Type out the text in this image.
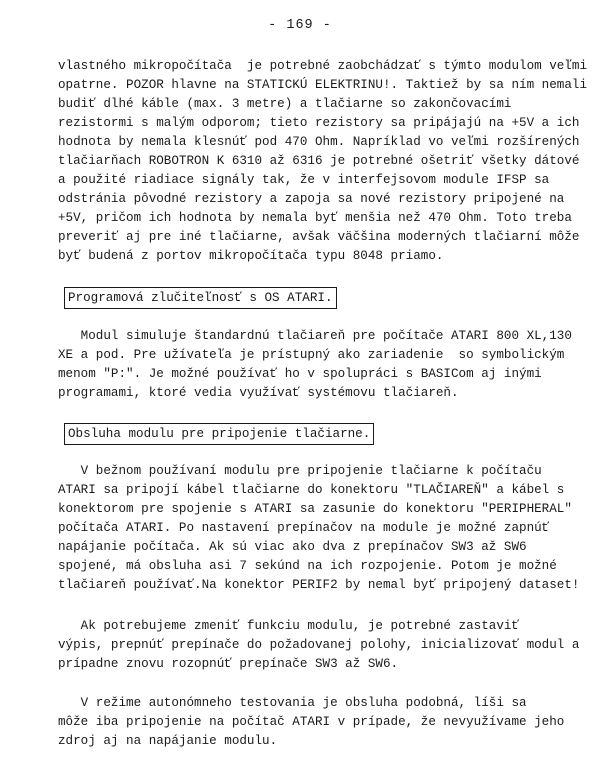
- 169 -
vlastného mikropočítača  je potrebné zaobchádzať s týmto modulom veľmi
opatrne. POZOR hlavne na STATICKÚ ELEKTRINU!. Taktiež by sa ním nemali
budiť dlhé káble (max. 3 metre) a tlačiarne so zakončovacími
rezistormi s malým odporom; tieto rezistory sa pripájajú na +5V a ich
hodnota by nemala klesnúť pod 470 Ohm. Napríklad vo veľmi rozšírených
tlačiarňach ROBOTRON K 6310 až 6316 je potrebné ošetriť všetky dátové
a použité riadiace signály tak, že v interfejsovom module IFSP sa
odstránia pôvodné rezistory a zapoja sa nové rezistory pripojené na
+5V, pričom ich hodnota by nemala byť menšia než 470 Ohm. Toto treba
preveriť aj pre iné tlačiarne, avšak väčšina moderných tlačiarní môže
byť budená z portov mikropočítača typu 8048 priamo.
Programová zlučiteľnosť s OS ATARI.
Modul simuluje štandardnú tlačiareň pre počítače ATARI 800 XL,130
XE a pod. Pre užívateľa je prístupný ako zariadenie  so symbolickým
menom "P:". Je možné používať ho v spolupráci s BASICom aj inými
programami, ktoré vedia využívať systémovu tlačiareň.
Obsluha modulu pre pripojenie tlačiarne.
V bežnom používaní modulu pre pripojenie tlačiarne k počítaču
ATARI sa pripojí kábel tlačiarne do konektoru "TLAČIAREŇ" a kábel s
konektorom pre spojenie s ATARI sa zasunie do konektoru "PERIPHERAL"
počítača ATARI. Po nastavení prepínačov na module je možné zapnúť
napájanie počítača. Ak sú viac ako dva z prepínačov SW3 až SW6
spojené, má obsluha asi 7 sekúnd na ich rozpojenie. Potom je možné
tlačiareň používať.Na konektor PERIF2 by nemal byť pripojený dataset!
Ak potrebujeme zmeniť funkciu modulu, je potrebné zastaviť
výpis, prepnúť prepínače do požadovanej polohy, inicializovať modul a
prípadne znovu rozopnúť prepínače SW3 až SW6.
V režime autonómneho testovania je obsluha podobná, líši sa
môže iba pripojenie na počítač ATARI v prípade, že nevyužívame jeho
zdroj aj na napájanie modulu.
